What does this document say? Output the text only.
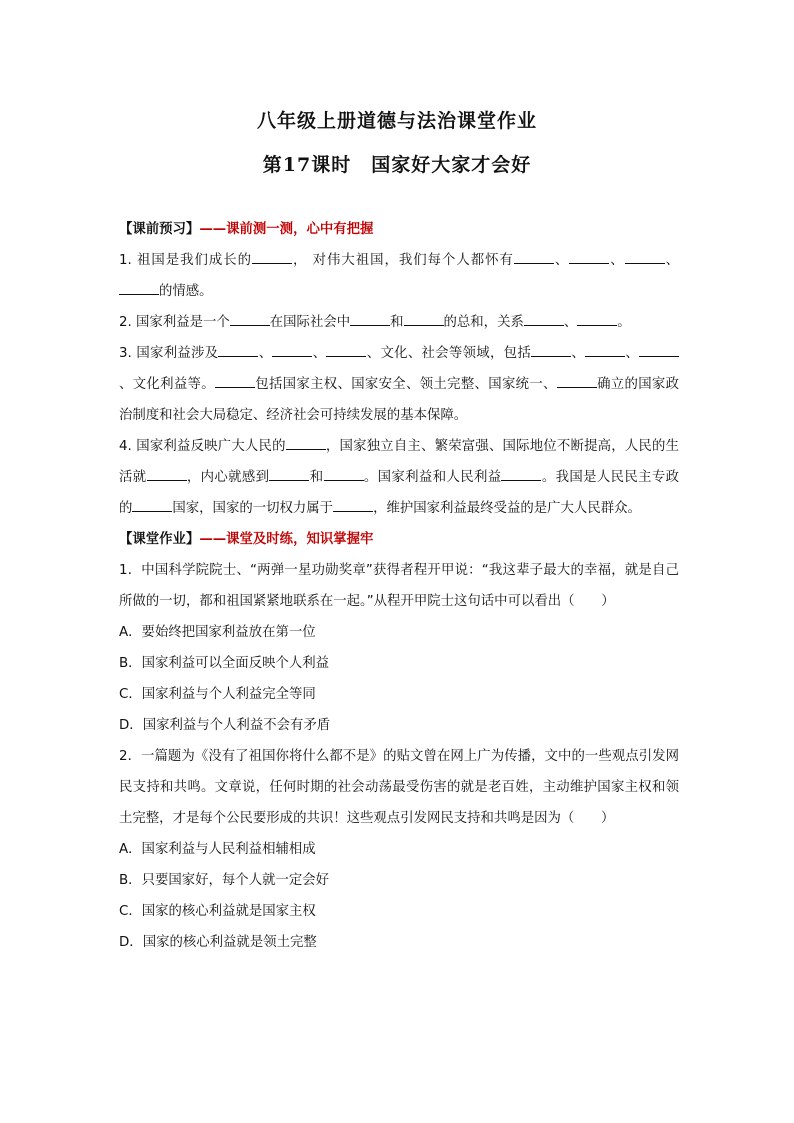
八年级上册道德与法治课堂作业
第17课时　国家好大家才会好

【课前预习】——课前测一测，心中有把握

1. 祖国是我们成长的	， 对伟大祖国，我们每个人都怀有	、	、	、的情感。

2. 国家利益是一个	在国际社会中	和	的总和，关系	、	。

3. 国家利益涉及	、	、	、文化、社会等领域，包括	、	、、文化利益等。	包括国家主权、国家安全、领土完整、国家统一、	确立的国家政治制度和社会大局稳定、经济社会可持续发展的基本保障。

4. 国家利益反映广大人民的	，国家独立自主、繁荣富强、国际地位不断提高，人民的生活就	，内心就感到	和	。国家利益和人民利益	。我国是人民民主专政的	国家，国家的一切权力属于	，维护国家利益最终受益的是广大人民群众。

【课堂作业】——课堂及时练，知识掌握牢

1．中国科学院院士、“两弹一星功勋奖章”获得者程开甲说：“我这辈子最大的幸福，就是自己所做的一切，都和祖国紧紧地联系在一起。”从程开甲院士这句话中可以看出（　　）

A．要始终把国家利益放在第一位

B．国家利益可以全面反映个人利益

C．国家利益与个人利益完全等同

D．国家利益与个人利益不会有矛盾

2．一篇题为《没有了祖国你将什么都不是》的贴文曾在网上广为传播，文中的一些观点引发网民支持和共鸣。文章说，任何时期的社会动荡最受伤害的就是老百姓，主动维护国家主权和领土完整，才是每个公民要形成的共识！这些观点引发网民支持和共鸣是因为（　　）

A．国家利益与人民利益相辅相成

B．只要国家好，每个人就一定会好

C．国家的核心利益就是国家主权

D．国家的核心利益就是领土完整
